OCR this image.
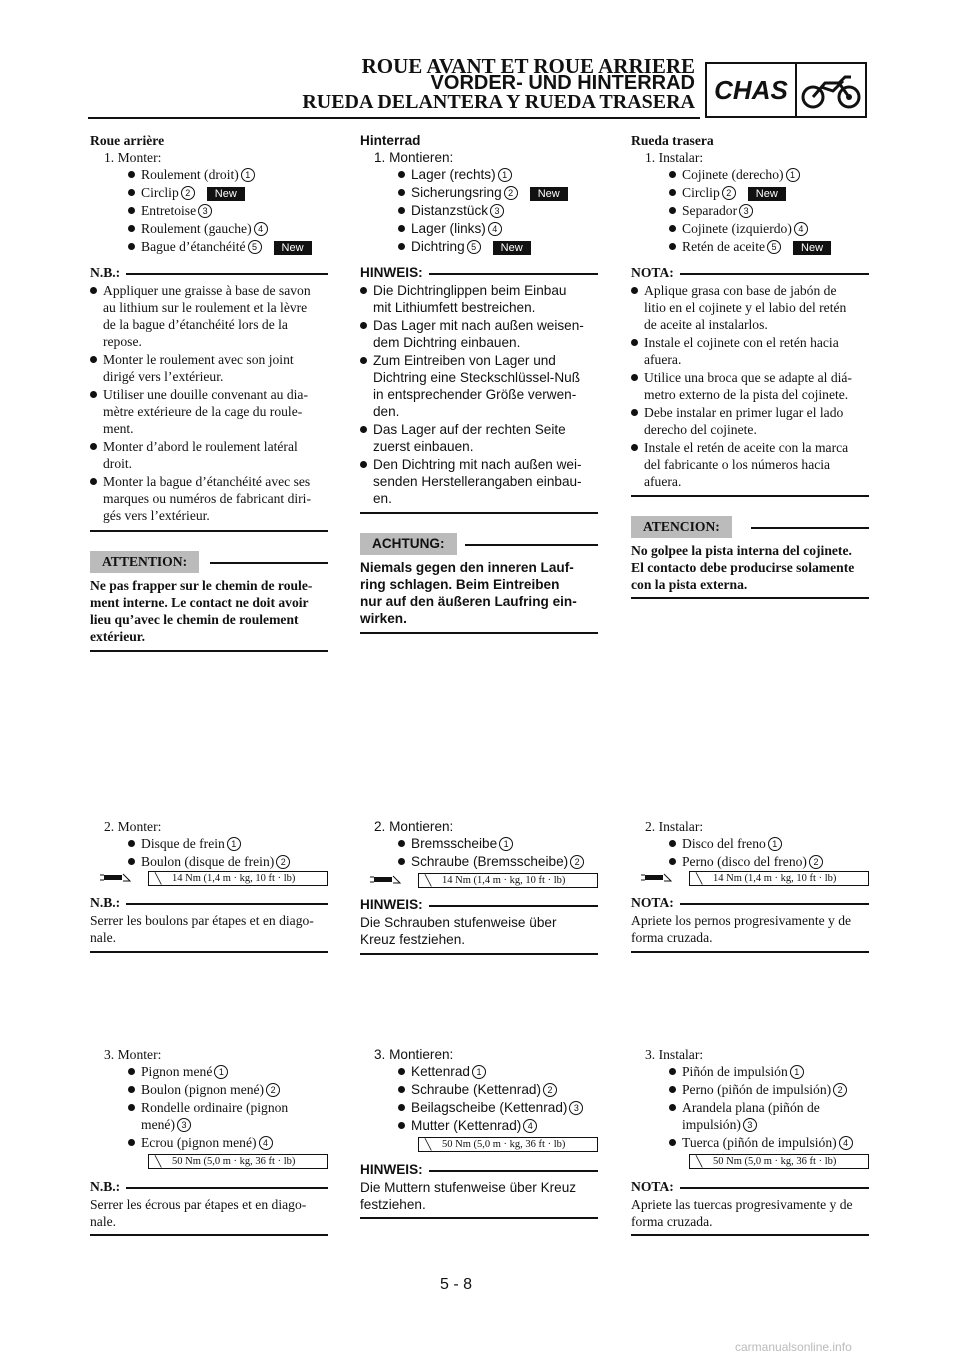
ROUE AVANT ET ROUE ARRIERE
VORDER- UND HINTERRAD
RUEDA DELANTERA Y RUEDA TRASERA CHAS
Roue arrière
1. Monter:
Roulement (droit) 1
Circlip 2 New
Entretoise 3
Roulement (gauche) 4
Bague d’étanchéité 5 New
N.B.:
Appliquer une graisse à base de savon
au lithium sur le roulement et la lèvre
de la bague d’étanchéité lors de la
repose.
Monter le roulement avec son joint
dirigé vers l’extérieur.
Utiliser une douille convenant au dia-
mètre extérieure de la cage du roule-
ment.
Monter d’abord le roulement latéral
droit.
Monter la bague d’étanchéité avec ses
marques ou numéros de fabricant diri-
gés vers l’extérieur.
ATTENTION:
Ne pas frapper sur le chemin de roule-
ment interne. Le contact ne doit avoir
lieu qu’avec le chemin de roulement
extérieur.
2. Monter:
Disque de frein 1
Boulon (disque de frein) 2
╲ 14 Nm (1,4 m · kg, 10 ft · lb)
N.B.:
Serrer les boulons par étapes et en diago-
nale.
3. Monter:
Pignon mené 1
Boulon (pignon mené) 2
Rondelle ordinaire (pignon
mené) 3
Ecrou (pignon mené) 4
╲ 50 Nm (5,0 m · kg, 36 ft · lb)
N.B.:
Serrer les écrous par étapes et en diago-
nale.
Hinterrad
1. Montieren:
Lager (rechts) 1
Sicherungsring 2 New
Distanzstück 3
Lager (links) 4
Dichtring 5 New
HINWEIS:
Die Dichtringlippen beim Einbau
mit Lithiumfett bestreichen.
Das Lager mit nach außen weisen-
dem Dichtring einbauen.
Zum Eintreiben von Lager und
Dichtring eine Steckschlüssel-Nuß
in entsprechender Größe verwen-
den.
Das Lager auf der rechten Seite
zuerst einbauen.
Den Dichtring mit nach außen wei-
senden Herstellerangaben einbau-
en.
ACHTUNG:
Niemals gegen den inneren Lauf-
ring schlagen. Beim Eintreiben
nur auf den äußeren Laufring ein-
wirken.
2. Montieren:
Bremsscheibe 1
Schraube (Bremsscheibe) 2
╲ 14 Nm (1,4 m · kg, 10 ft · lb)
HINWEIS:
Die Schrauben stufenweise über
Kreuz festziehen.
3. Montieren:
Kettenrad 1
Schraube (Kettenrad) 2
Beilagscheibe (Kettenrad) 3
Mutter (Kettenrad) 4
╲ 50 Nm (5,0 m · kg, 36 ft · lb)
HINWEIS:
Die Muttern stufenweise über Kreuz
festziehen.
Rueda trasera
1. Instalar:
Cojinete (derecho) 1
Circlip 2 New
Separador 3
Cojinete (izquierdo) 4
Retén de aceite 5 New
NOTA:
Aplique grasa con base de jabón de
litio en el cojinete y el labio del retén
de aceite al instalarlos.
Instale el cojinete con el retén hacia
afuera.
Utilice una broca que se adapte al diá-
metro externo de la pista del cojinete.
Debe instalar en primer lugar el lado
derecho del cojinete.
Instale el retén de aceite con la marca
del fabricante o los números hacia
afuera.
ATENCION:
No golpee la pista interna del cojinete.
El contacto debe producirse solamente
con la pista externa.
2. Instalar:
Disco del freno 1
Perno (disco del freno) 2
╲ 14 Nm (1,4 m · kg, 10 ft · lb)
NOTA:
Apriete los pernos progresivamente y de
forma cruzada.
3. Instalar:
Piñón de impulsión 1
Perno (piñón de impulsión) 2
Arandela plana (piñón de
impulsión) 3
Tuerca (piñón de impulsión) 4
╲ 50 Nm (5,0 m · kg, 36 ft · lb)
NOTA:
Apriete las tuercas progresivamente y de
forma cruzada.
5 - 8
carmanualsonline.info
